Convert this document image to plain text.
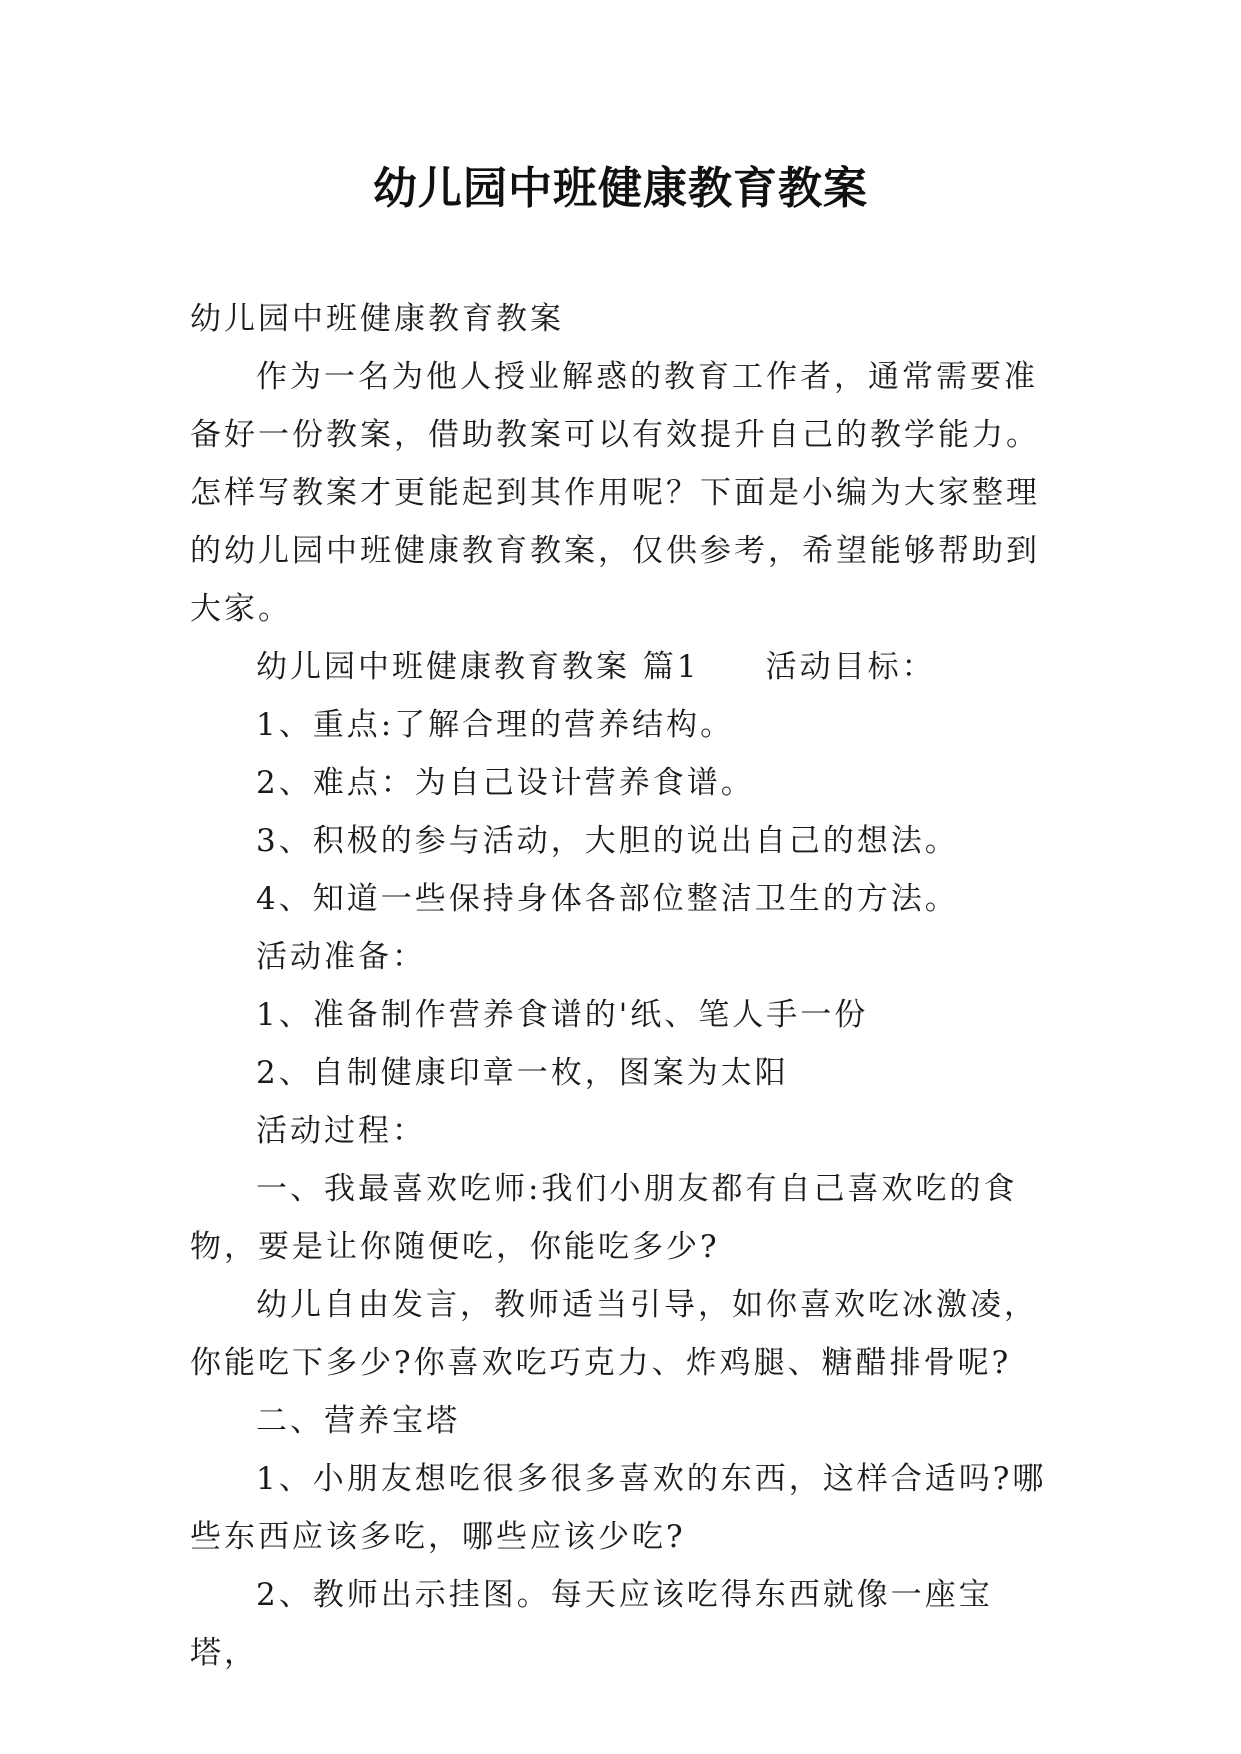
幼儿园中班健康教育教案

幼儿园中班健康教育教案

作为一名为他人授业解惑的教育工作者，通常需要准备好一份教案，借助教案可以有效提升自己的教学能力。怎样写教案才更能起到其作用呢？下面是小编为大家整理的幼儿园中班健康教育教案，仅供参考，希望能够帮助到大家。

幼儿园中班健康教育教案 篇1 活动目标：

1、重点:了解合理的营养结构。

2、难点：为自己设计营养食谱。

3、积极的参与活动，大胆的说出自己的想法。

4、知道一些保持身体各部位整洁卫生的方法。

活动准备：

1、准备制作营养食谱的'纸、笔人手一份

2、自制健康印章一枚，图案为太阳

活动过程：

一、我最喜欢吃师:我们小朋友都有自己喜欢吃的食物，要是让你随便吃，你能吃多少?

幼儿自由发言，教师适当引导，如你喜欢吃冰激凌，你能吃下多少?你喜欢吃巧克力、炸鸡腿、糖醋排骨呢?

二、营养宝塔

1、小朋友想吃很多很多喜欢的东西，这样合适吗?哪些东西应该多吃，哪些应该少吃?

2、教师出示挂图。每天应该吃得东西就像一座宝塔，
